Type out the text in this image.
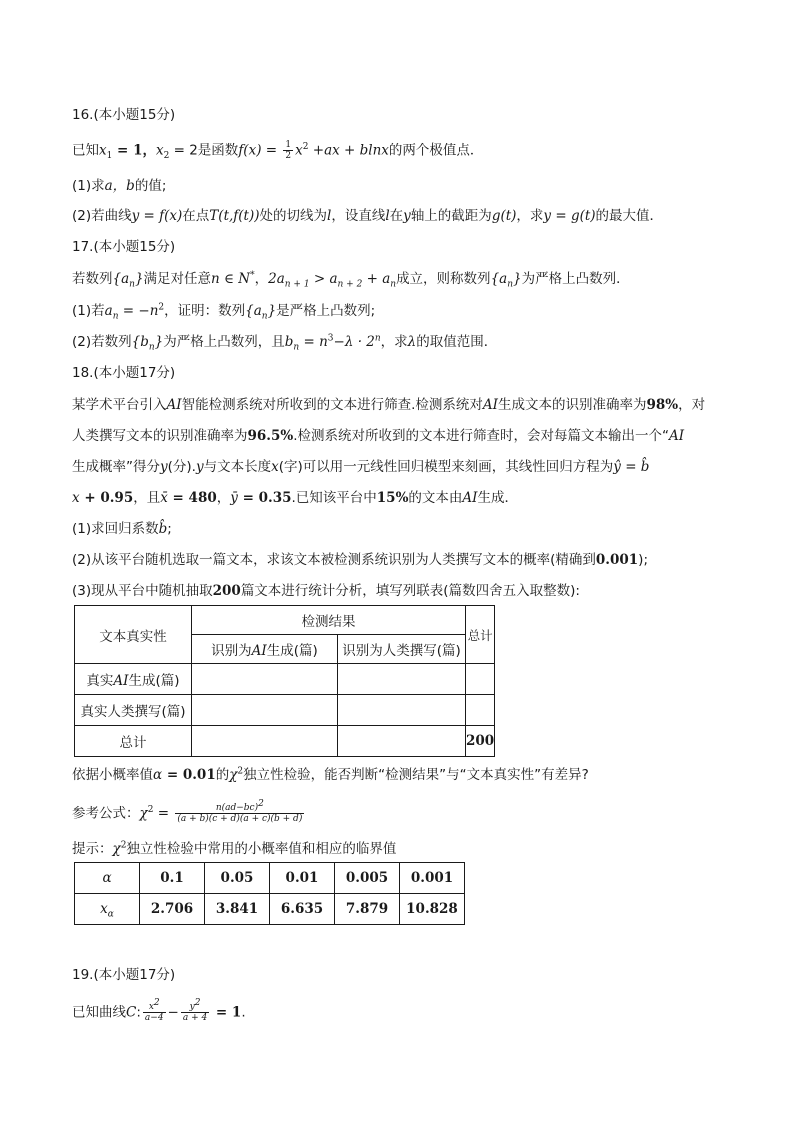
16.(本小题15分)
已知$x_1 = 1$，$x_2 = 2$是函数$f(x) = \frac{1}{2} x^2 +ax + blnx$的两个极值点．
(1)求a，b的值;
(2)若曲线y = f(x)在点T(t,f(t))处的切线为l，设直线l在y轴上的截距为g(t)，求y = g(t)的最大值．
17.(本小题15分)
若数列$\{a_n\}$满足对任意n ∈ N*，$2a_{n + 1} > a_{n + 2} + a_n$成立，则称数列$\{a_n\}$为严格上凸数列．
(1)若$a_n = -n^2$，证明：数列$\{a_n\}$是严格上凸数列;
(2)若数列$\{b_n\}$为严格上凸数列，且$b_n = n^3-\lambda \cdot 2^n$，求λ的取值范围．
18.(本小题17分)
某学术平台引入AI智能检测系统对所收到的文本进行筛查.检测系统对AI生成文本的识别准确率为98%，对
人类撰写文本的识别准确率为96.5%.检测系统对所收到的文本进行筛查时，会对每篇文本输出一个“AI
生成概率”得分y(分).y与文本长度x(字)可以用一元线性回归模型来刻画，其线性回归方程为ŷ = b̂
x + 0.95，且x̄ = 480，ȳ = 0.35.已知该平台中15%的文本由AI生成．
(1)求回归系数b̂;
(2)从该平台随机选取一篇文本，求该文本被检测系统识别为人类撰写文本的概率(精确到0.001);
(3)现从平台中随机抽取200篇文本进行统计分析，填写列联表(篇数四舍五入取整数):
文本真实性	检测结果		总计
	识别为AI生成(篇)	识别为人类撰写(篇)	
真实AI生成(篇)			
真实人类撰写(篇)			
总计			200
依据小概率值α = 0.01的$\chi^2$独立性检验，能否判断“检测结果”与“文本真实性”有差异?
参考公式：$\chi^2 = \frac{n(ad-bc)^2}{(a + b)(c + d)(a + c)(b + d)}$
提示：$\chi^2$独立性检验中常用的小概率值和相应的临界值
α	0.1	0.05	0.01	0.005	0.001
$x_\alpha$	2.706	3.841	6.635	7.879	10.828
19.(本小题17分)
已知曲线C: $\frac{x^2}{a-4} - \frac{y^2}{a + 4} = 1$.
